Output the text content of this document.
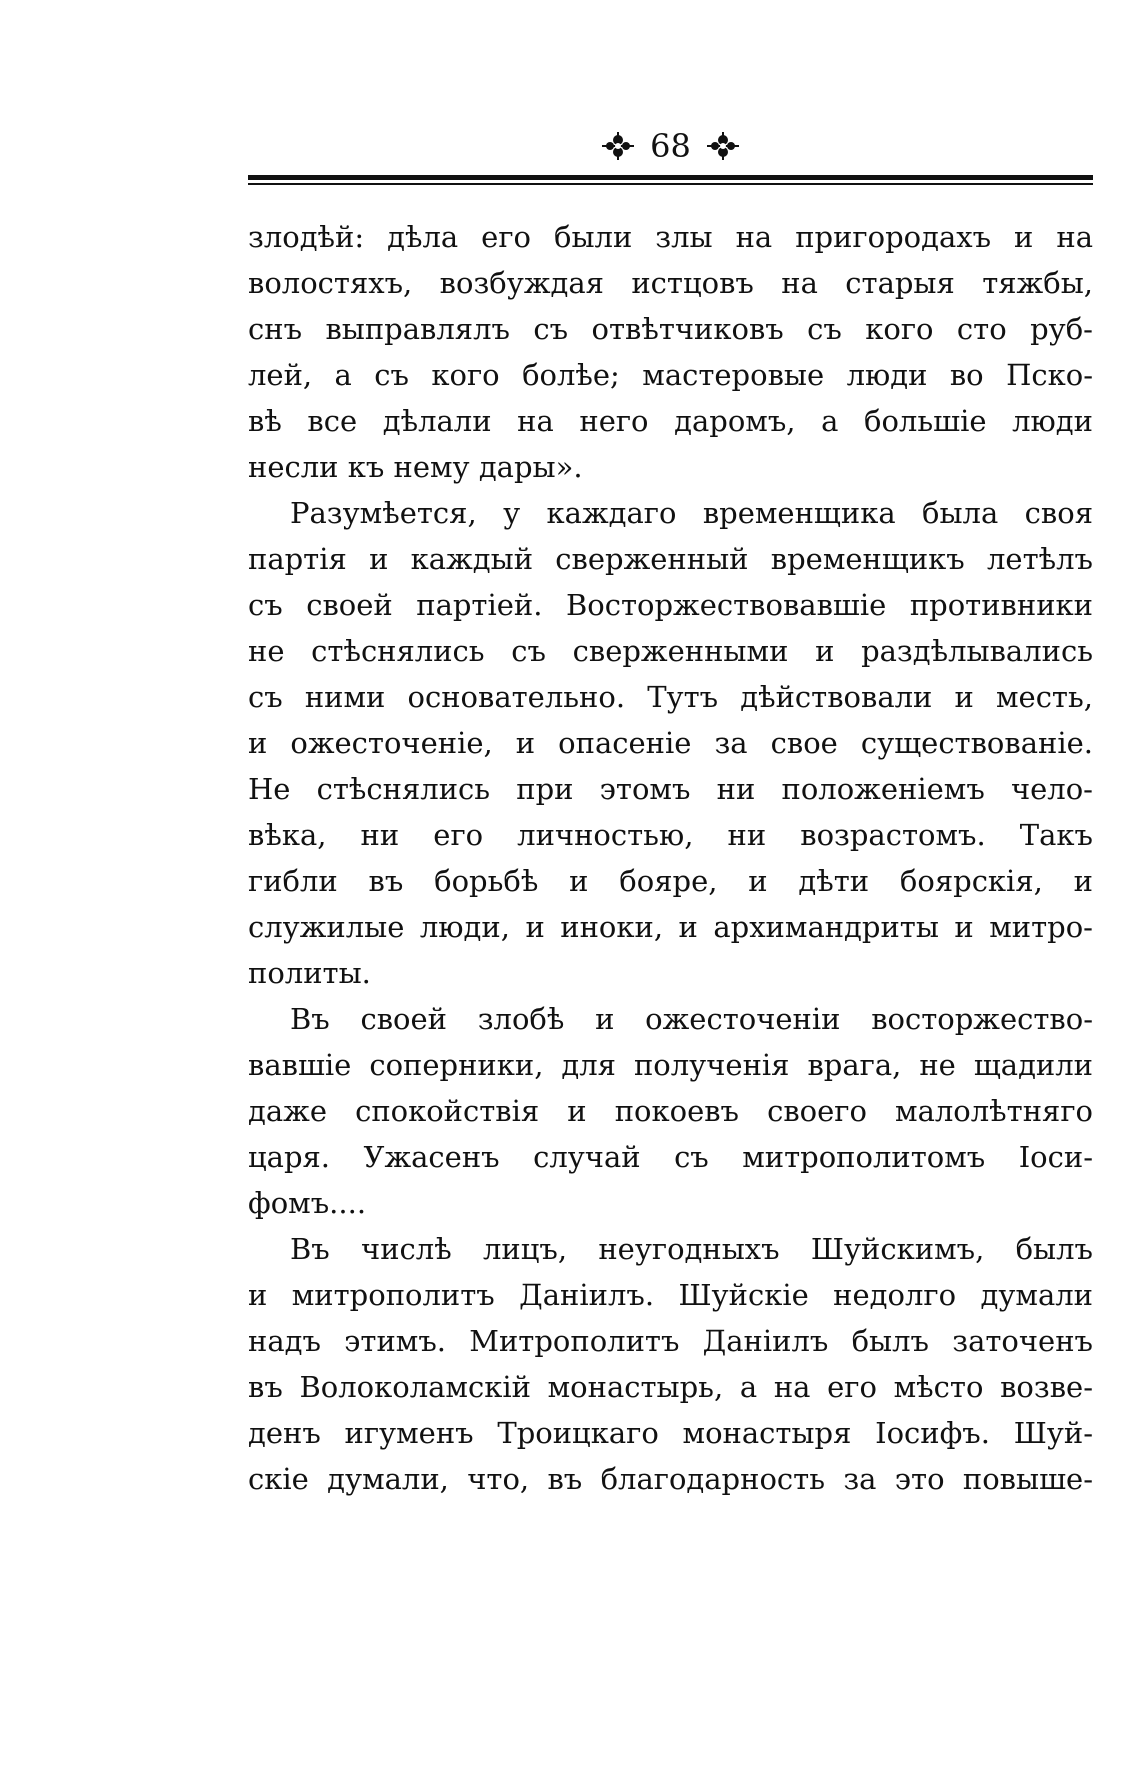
68

злодѣй: дѣла его были злы на пригородахъ и на
волостяхъ, возбуждая истцовъ на старыя тяжбы,
снъ выправлялъ съ отвѣтчиковъ съ кого сто руб-
лей, а съ кого болѣе; мастеровые люди во Пско-
вѣ все дѣлали на него даромъ, а большіе люди
несли къ нему дары».

Разумѣется, у каждаго временщика была своя
партія и каждый сверженный временщикъ летѣлъ
съ своей партіей. Восторжествовавшіе противники
не стѣснялись съ сверженными и раздѣлывались
съ ними основательно. Тутъ дѣйствовали и месть,
и ожесточеніе, и опасеніе за свое существованіе.
Не стѣснялись при этомъ ни положеніемъ чело-
вѣка, ни его личностью, ни возрастомъ. Такъ
гибли въ борьбѣ и бояре, и дѣти боярскія, и
служилые люди, и иноки, и архимандриты и митро-
политы.

Въ своей злобѣ и ожесточеніи восторжество-
вавшіе соперники, для полученія врага, не щадили
даже спокойствія и покоевъ своего малолѣтняго
царя. Ужасенъ случай съ митрополитомъ Іоси-
фомъ....

Въ числѣ лицъ, неугодныхъ Шуйскимъ, былъ
и митрополитъ Даніилъ. Шуйскіе недолго думали
надъ этимъ. Митрополитъ Даніилъ былъ заточенъ
въ Волоколамскій монастырь, а на его мѣсто возве-
денъ игуменъ Троицкаго монастыря Іосифъ. Шуй-
скіе думали, что, въ благодарность за это повыше-
